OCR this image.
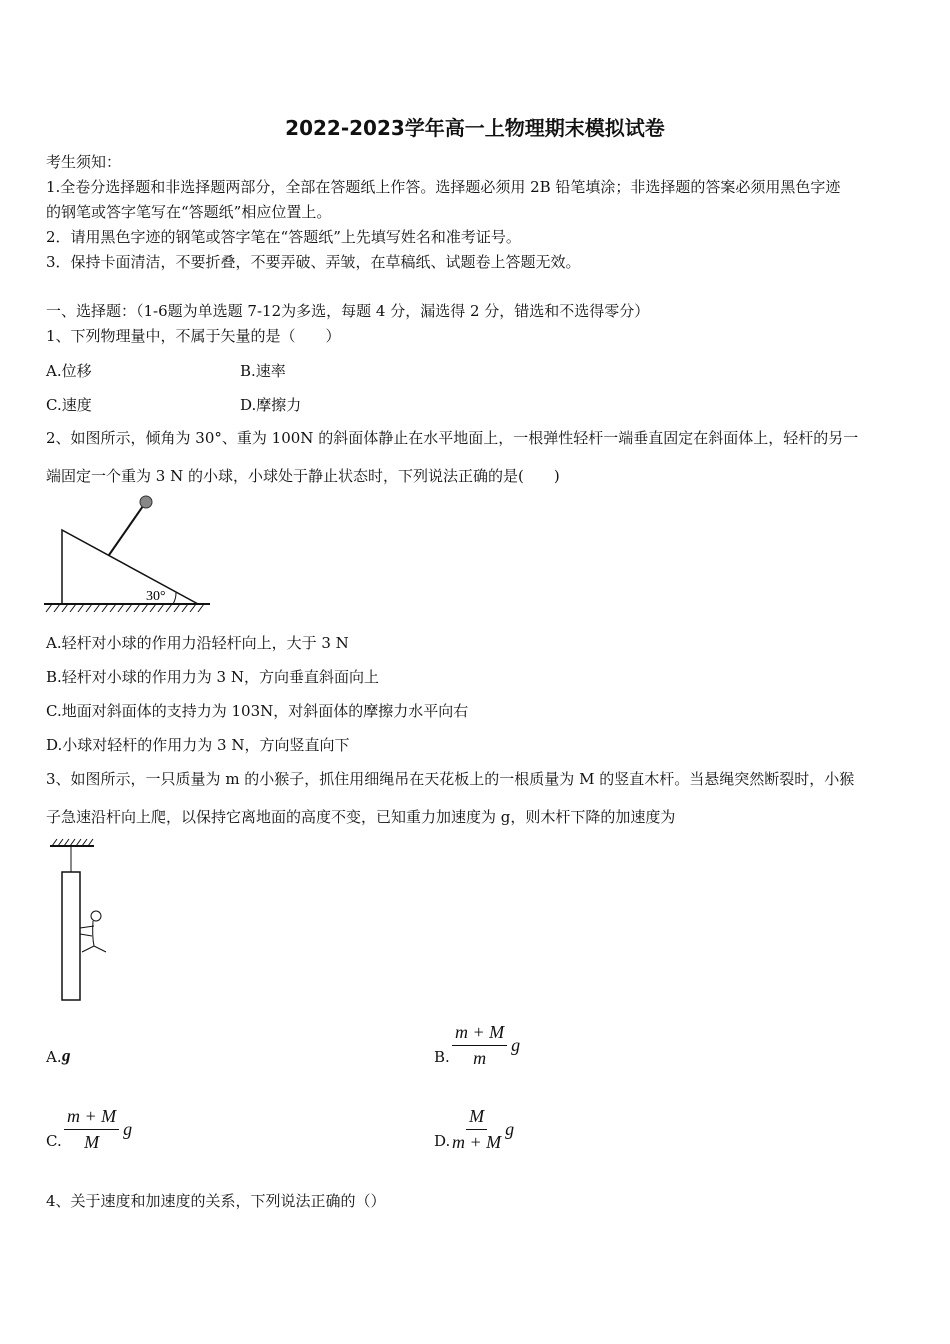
2022-2023学年高一上物理期末模拟试卷
考生须知：
1.全卷分选择题和非选择题两部分，全部在答题纸上作答。选择题必须用 2B 铅笔填涂；非选择题的答案必须用黑色字迹
的钢笔或答字笔写在“答题纸”相应位置上。
2．请用黑色字迹的钢笔或答字笔在“答题纸”上先填写姓名和准考证号。
3．保持卡面清洁，不要折叠，不要弄破、弄皱，在草稿纸、试题卷上答题无效。
一、选择题：（1-6题为单选题 7-12为多选，每题 4 分，漏选得 2 分，错选和不选得零分）
1、下列物理量中，不属于矢量的是（　　）
A.位移	B.速率
C.速度	D.摩擦力
2、如图所示，倾角为 30°、重为 100N 的斜面体静止在水平地面上，一根弹性轻杆一端垂直固定在斜面体上，轻杆的另一
端固定一个重为 3 N 的小球，小球处于静止状态时，下列说法正确的是(　　)
30°
A.轻杆对小球的作用力沿轻杆向上，大于 3 N
B.轻杆对小球的作用力为 3 N，方向垂直斜面向上
C.地面对斜面体的支持力为 103N，对斜面体的摩擦力水平向右
D.小球对轻杆的作用力为 3 N，方向竖直向下
3、如图所示，一只质量为 m 的小猴子，抓住用细绳吊在天花板上的一根质量为 M 的竖直木杆。当悬绳突然断裂时，小猴
子急速沿杆向上爬，以保持它离地面的高度不变，已知重力加速度为 g，则木杆下降的加速度为
A. g	B. $\frac{m + M}{m}$ g
C. $\frac{m + M}{M}$ g
D. $\frac{M}{m + M}$ g
4、关于速度和加速度的关系，下列说法正确的（）
